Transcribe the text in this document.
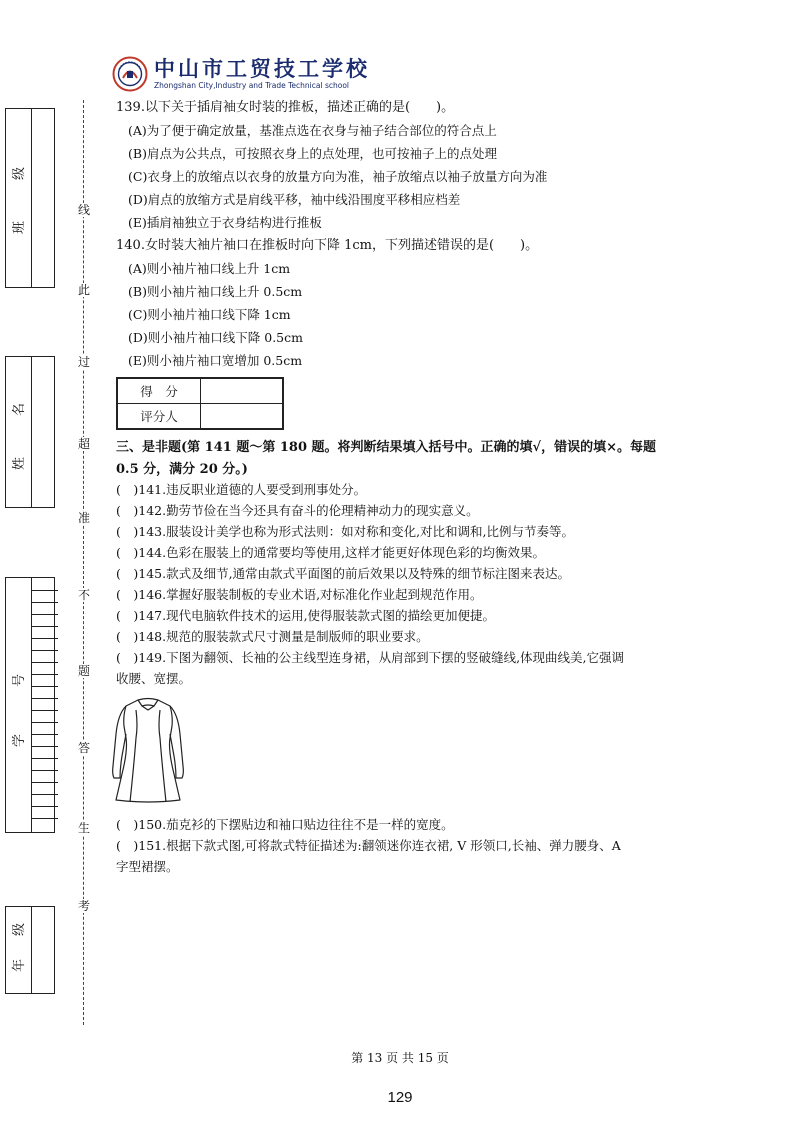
中山市工贸技工学校
Zhongshan City,Industry and Trade Technical school
班
级
姓
名
学
号
年
级
线
此
过
超
准
不
题
答
生
考
139.以下关于插肩袖女时装的推板，描述正确的是(　　)。
(A)为了便于确定放量，基准点选在衣身与袖子结合部位的符合点上
(B)肩点为公共点，可按照衣身上的点处理，也可按袖子上的点处理
(C)衣身上的放缩点以衣身的放量方向为准，袖子放缩点以袖子放量方向为准
(D)肩点的放缩方式是肩线平移，袖中线沿围度平移相应档差
(E)插肩袖独立于衣身结构进行推板
140.女时装大袖片袖口在推板时向下降 1cm，下列描述错误的是(　　)。
(A)则小袖片袖口线上升 1cm
(B)则小袖片袖口线上升 0.5cm
(C)则小袖片袖口线下降 1cm
(D)则小袖片袖口线下降 0.5cm
(E)则小袖片袖口宽增加 0.5cm
得　分	
评分人	
三、是非题(第 141 题～第 180 题。将判断结果填入括号中。正确的填√，错误的填×。每题
0.5 分，满分 20 分。)
(　)141.违反职业道德的人要受到刑事处分。
(　)142.勤劳节俭在当今还具有奋斗的伦理精神动力的现实意义。
(　)143.服装设计美学也称为形式法则：如对称和变化,对比和调和,比例与节奏等。
(　)144.色彩在服装上的通常要均等使用,这样才能更好体现色彩的均衡效果。
(　)145.款式及细节,通常由款式平面图的前后效果以及特殊的细节标注图来表达。
(　)146.掌握好服装制板的专业术语,对标准化作业起到规范作用。
(　)147.现代电脑软件技术的运用,使得服装款式图的描绘更加便捷。
(　)148.规范的服装款式尺寸测量是制版师的职业要求。
(　)149.下图为翻领、长袖的公主线型连身裙，从肩部到下摆的竖破缝线,体现曲线美,它强调
收腰、宽摆。
(　)150.茄克衫的下摆贴边和袖口贴边往往不是一样的宽度。
(　)151.根据下款式图,可将款式特征描述为:翻领迷你连衣裙, V 形领口,长袖、弹力腰身、A
字型裙摆。
第 13 页 共 15 页
129
